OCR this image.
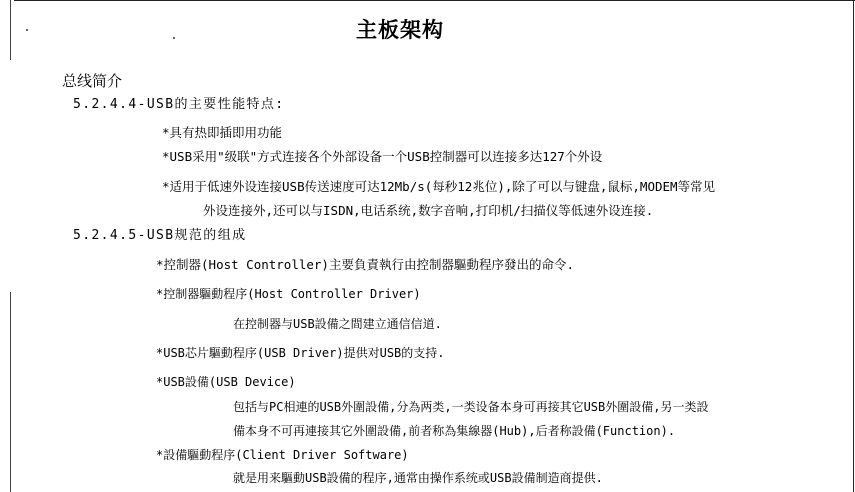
主板架构
总线简介
5.2.4.4-USB的主要性能特点:
*具有热即插即用功能
*USB采用"级联"方式连接各个外部设备一个USB控制器可以连接多达127个外设
*适用于低速外设连接USB传送速度可达12Mb/s(每秒12兆位),除了可以与键盘,鼠标,MODEM等常见
外设连接外,还可以与ISDN,电话系统,数字音响,打印机/扫描仪等低速外设连接.
5.2.4.5-USB规范的组成
*控制器(Host Controller)主要負責執行由控制器驅動程序發出的命令.
*控制器驅動程序(Host Controller Driver)
在控制器与USB設備之間建立通信信道.
*USB芯片驅動程序(USB Driver)提供对USB的支持.
*USB設備(USB Device)
包括与PC相連的USB外圍設備,分為两类,一类设备本身可再接其它USB外圍設備,另一类設
備本身不可再連接其它外圍設備,前者称為集線器(Hub),后者称設備(Function).
*設備驅動程序(Client Driver Software)
就是用来驅動USB設備的程序,通常由操作系统或USB設備制造商提供.
